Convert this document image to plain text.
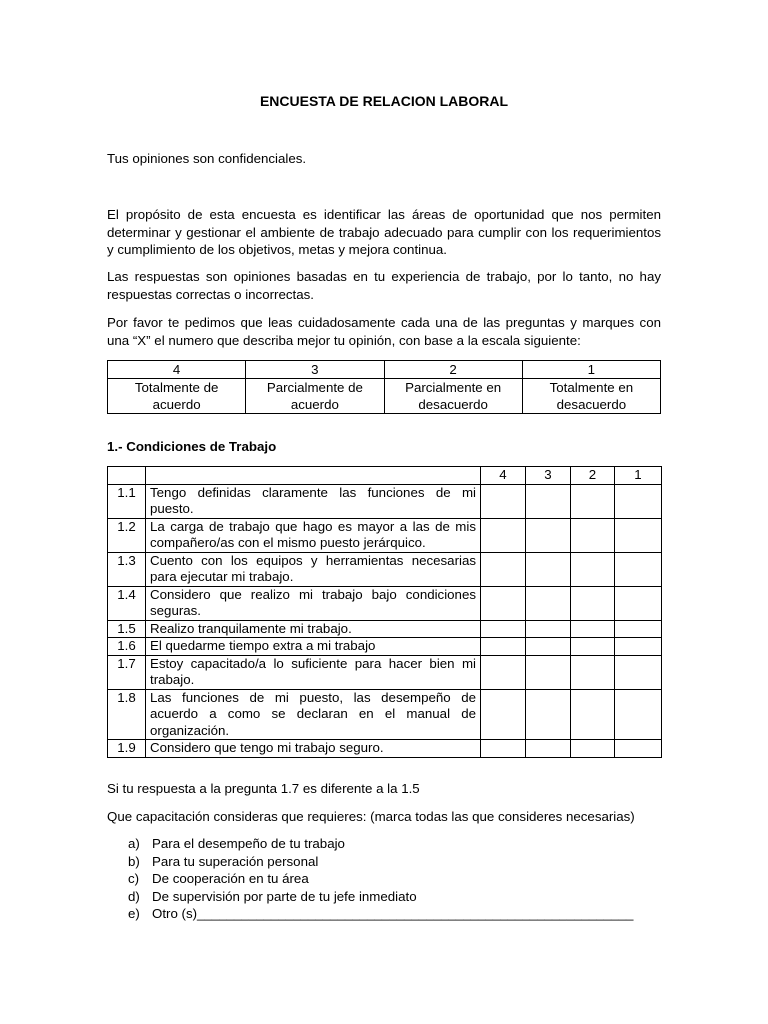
ENCUESTA DE RELACION LABORAL
Tus opiniones son confidenciales.
El propósito de esta encuesta es identificar las áreas de oportunidad que nos permiten determinar y gestionar el ambiente de trabajo adecuado para cumplir con los requerimientos y cumplimiento de los objetivos, metas y mejora continua.
Las respuestas son opiniones basadas en tu experiencia de trabajo, por lo tanto, no hay respuestas correctas o incorrectas.
Por favor te pedimos que leas cuidadosamente cada una de las preguntas y marques con una “X” el numero que describa mejor tu opinión, con base a la escala siguiente:
4	3	2	1
Totalmente de acuerdo	Parcialmente de acuerdo	Parcialmente en desacuerdo	Totalmente en desacuerdo
1.- Condiciones de Trabajo
		4	3	2	1
1.1	Tengo definidas claramente las funciones de mi puesto.				
1.2	La carga de trabajo que hago es mayor a las de mis compañero/as con el mismo puesto jerárquico.				
1.3	Cuento con los equipos y herramientas necesarias para ejecutar mi trabajo.				
1.4	Considero que realizo mi trabajo bajo condiciones seguras.				
1.5	Realizo tranquilamente mi trabajo.				
1.6	El quedarme tiempo extra a mi trabajo				
1.7	Estoy capacitado/a lo suficiente para hacer bien mi trabajo.				
1.8	Las funciones de mi puesto, las desempeño de acuerdo a como se declaran en el manual de organización.				
1.9	Considero que tengo mi trabajo seguro.				
Si tu respuesta a la pregunta 1.7 es diferente a la 1.5
Que capacitación consideras que requieres: (marca todas las que consideres necesarias)
a) Para el desempeño de tu trabajo
b) Para tu superación personal
c) De cooperación en tu área
d) De supervisión por parte de tu jefe inmediato
e) Otro (s)___________________________________________________________
